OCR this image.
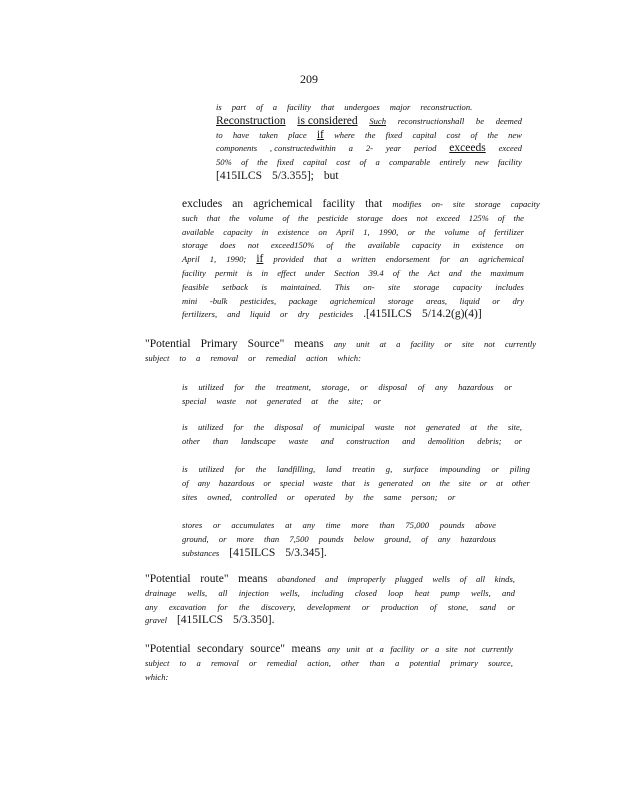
209
is part of a facility that undergoes major reconstruction.
Reconstruction is considered Such reconstructionshall be deemed
to have taken place if where the fixed capital cost of the new
components , constructedwithin a 2- year period exceeds exceed
50% of the fixed capital cost of a comparable entirely new facility
[415ILCS 5/3.355]; but
excludes an agrichemical facility that modifies on- site storage capacity
such that the volume of the pesticide storage does not exceed 125% of the
available capacity in existence on April 1, 1990, or the volume of fertilizer
storage does not exceed150% of the available capacity in existence on
April 1, 1990; if provided that a written endorsement for an agrichemical
facility permit is in effect under Section 39.4 of the Act and the maximum
feasible setback is maintained. This on- site storage capacity includes
mini -bulk pesticides, package agrichemical storage areas, liquid or dry
fertilizers, and liquid or dry pesticides .[415ILCS 5/14.2(g)(4)]
"Potential Primary Source" means any unit at a facility or site not currently
subject to a removal or remedial action which:
is utilized for the treatment, storage, or disposal of any hazardous or
special waste not generated at the site; or
is utilized for the disposal of municipal waste not generated at the site,
other than landscape waste and construction and demolition debris; or
is utilized for the landfilling, land treatin g, surface impounding or piling
of any hazardous or special waste that is generated on the site or at other
sites owned, controlled or operated by the same person; or
stores or accumulates at any time more than 75,000 pounds above
ground, or more than 7,500 pounds below ground, of any hazardous
substances [415ILCS 5/3.345].
"Potential route" means abandoned and improperly plugged wells of all kinds,
drainage wells, all injection wells, including closed loop heat pump wells, and
any excavation for the discovery, development or production of stone, sand or
gravel [415ILCS 5/3.350].
"Potential secondary source" means any unit at a facility or a site not currently
subject to a removal or remedial action, other than a potential primary source,
which:
